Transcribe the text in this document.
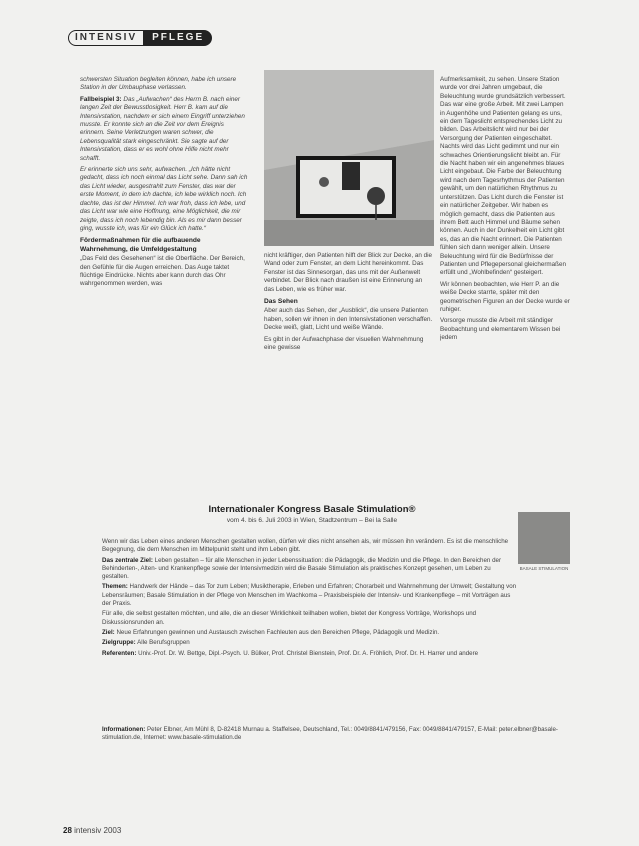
INTENSIV	PFLEGE

schwersten Situation begleiten können, habe ich unsere Station in der Umbauphase verlassen.

Fallbeispiel 3: Das „Aufwachen“ des Herrn B. nach einer langen Zeit der Bewusstlosigkeit. Herr B. kam auf die Intensivstation, nachdem er sich einem Eingriff unterziehen musste. Er konnte sich an die Zeit vor dem Ereignis erinnern. Seine Verletzungen waren schwer, die Lebensqualität stark eingeschränkt. Sie sagte auf der Intensivstation, dass er es wohl ohne Hilfe nicht mehr schafft.

Er erinnerte sich uns sehr, aufwachen. „Ich hätte nicht gedacht, dass ich noch einmal das Licht sehe. Dann sah ich das Licht wieder, ausgestrahlt zum Fenster, das war der erste Moment, in dem ich dachte, ich lebe wirklich noch. Ich dachte, das ist der Himmel. Ich war froh, dass ich lebe, und das Licht war wie eine Hoffnung, eine Möglichkeit, die mir zeigte, dass ich noch lebendig bin. Als es mir dann besser ging, wusste ich, was für ein Glück ich hatte.“

Fördermaßnahmen für die aufbauende Wahrnehmung, die Umfeldgestaltung

„Das Feld des Gesehenen“ ist die Oberfläche. Der Bereich, den Gefühle für die Augen erreichen. Das Auge taktet flüchtige Eindrücke. Nichts aber kann durch das Ohr wahrgenommen werden, was

nicht kräftiger, den Patienten hilft der Blick zur Decke, an die Wand oder zum Fenster, an dem Licht hereinkommt. Das Fenster ist das Sinnesorgan, das uns mit der Außenwelt verbindet. Der Blick nach draußen ist eine Erinnerung an das Leben, wie es früher war.

Das Sehen

Aber auch das Sehen, der „Ausblick“, die unsere Patienten haben, sollen wir ihnen in den Intensivstationen verschaffen. Decke weiß, glatt, Licht und weiße Wände.

Es gibt in der Aufwachphase der visuellen Wahrnehmung eine gewisse

Aufmerksamkeit, zu sehen. Unsere Station wurde vor drei Jahren umgebaut, die Beleuchtung wurde grundsätzlich verbessert. Das war eine große Arbeit. Mit zwei Lampen in Augenhöhe und Patienten gelang es uns, ein dem Tageslicht entsprechendes Licht zu bilden. Das Arbeitslicht wird nur bei der Versorgung der Patienten eingeschaltet. Nachts wird das Licht gedimmt und nur ein schwaches Orientierungslicht bleibt an. Für die Nacht haben wir ein angenehmes blaues Licht eingebaut. Die Farbe der Beleuchtung wird nach dem Tagesrhythmus der Patienten gewählt, um den natürlichen Rhythmus zu unterstützen. Das Licht durch die Fenster ist ein natürlicher Zeitgeber. Wir haben es möglich gemacht, dass die Patienten aus ihrem Bett auch Himmel und Bäume sehen können. Auch in der Dunkelheit ein Licht gibt es, das an die Nacht erinnert. Die Patienten fühlen sich dann weniger allein. Unsere Beleuchtung wird für die Bedürfnisse der Patienten und Pflegepersonal gleichermaßen erfüllt und „Wohlbefinden“ gesteigert.

Wir können beobachten, wie Herr P. an die weiße Decke starrte, später mit den geometrischen Figuren an der Decke wurde er ruhiger.

Vorsorge musste die Arbeit mit ständiger Beobachtung und elementarem Wissen bei jedem

Internationaler Kongress Basale Stimulation®
vom 4. bis 6. Juli 2003 in Wien, Stadtzentrum – Bei la Salle
BASALE STIMULATION

Wenn wir das Leben eines anderen Menschen gestalten wollen, dürfen wir dies nicht ansehen als, wir müssen ihn verändern. Es ist die menschliche Begegnung, die dem Menschen im Mittelpunkt steht und ihm Leben gibt.

Das zentrale Ziel: Leben gestalten – für alle Menschen in jeder Lebenssituation: die Pädagogik, die Medizin und die Pflege. In den Bereichen der Behinderten-, Alten- und Krankenpflege sowie der Intensivmedizin wird die Basale Stimulation als praktisches Konzept gesehen, um Leben zu gestalten.

Themen: Handwerk der Hände – das Tor zum Leben; Musiktherapie, Erleben und Erfahren; Chorarbeit und Wahrnehmung der Umwelt; Gestaltung von Lebensräumen; Basale Stimulation in der Pflege von Menschen im Wachkoma – Praxisbeispiele der Intensiv- und Krankenpflege – mit Vorträgen aus der Praxis.

Für alle, die selbst gestalten möchten, und alle, die an dieser Wirklichkeit teilhaben wollen, bietet der Kongress Vorträge, Workshops und Diskussionsrunden an.

Ziel: Neue Erfahrungen gewinnen und Austausch zwischen Fachleuten aus den Bereichen Pflege, Pädagogik und Medizin.

Zielgruppe: Alle Berufsgruppen

Referenten: Univ.-Prof. Dr. W. Bettge, Dipl.-Psych. U. Bülker, Prof. Christel Bienstein, Prof. Dr. A. Fröhlich, Prof. Dr. H. Harrer und andere

Informationen: Peter Elbner, Am Mühl 8, D-82418 Murnau a. Staffelsee, Deutschland, Tel.: 0049/8841/479156, Fax: 0049/8841/479157, E-Mail: peter.elbner@basale-stimulation.de, Internet: www.basale-stimulation.de
28 intensiv 2003
